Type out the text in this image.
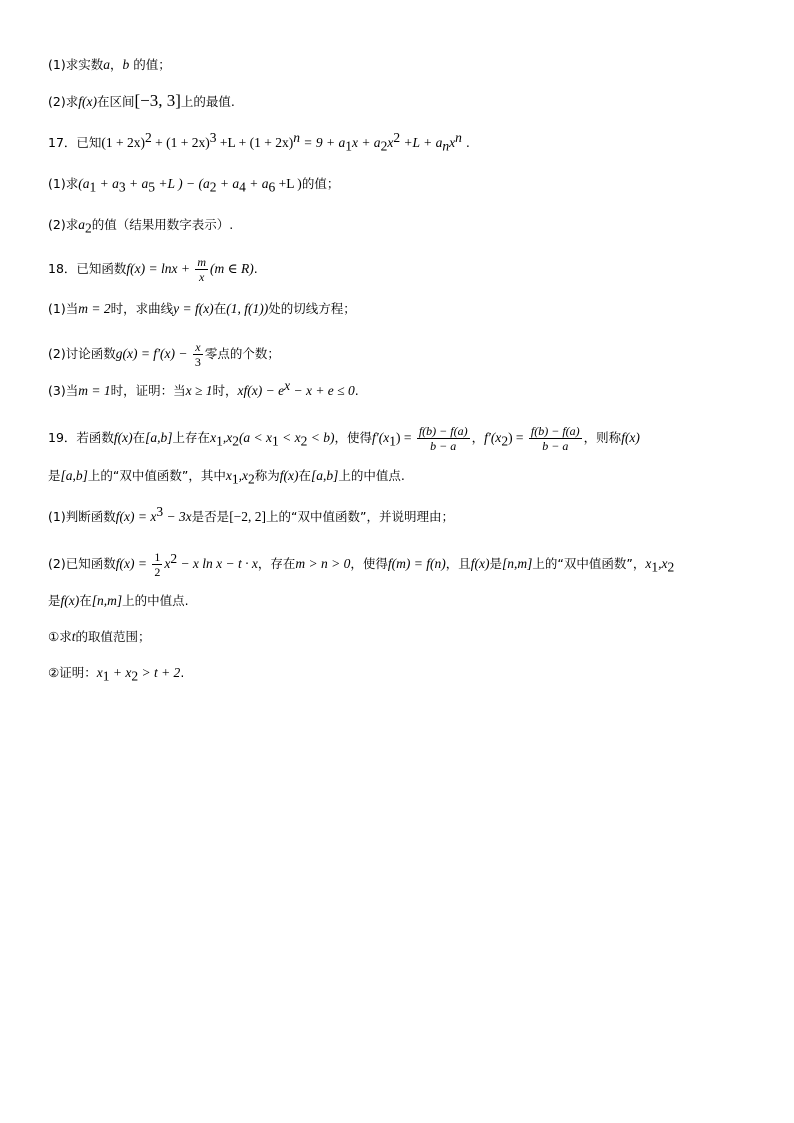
(1)求实数a，b 的值；
(2)求f(x)在区间[−3, 3]上的最值.
17．已知$(1 + 2x)^2 + (1 + 2x)^3 +L + (1 + 2x)^n = 9 + a_1x + a_2x^2 +L + a_nx^n$ .
(1)求($a_1 + a_3 + a_5 +L$ ) − ($a_2 + a_4 + a_6 +L$ )的值；
(2)求$a_2$的值（结果用数字表示）.
18．已知函数$f(x) = \ln x + \frac{m}{x} (m$ ∈ R).
(1)当m = 2时，求曲线y = f(x)在(1, f(1))处的切线方程；
(2)讨论函数$g(x) = f'(x) - \frac{x}{3}$ 零点的个数；
(3)当m = 1时，证明：当x ≥ 1时，$xf(x) - e^x - x + e \le 0$.
19．若函数f(x)在[a,b]上存在$x_1,x_2(a < x_1 < x_2 < b)$，使得$f'(x_1) = \frac{f(b) - f(a)}{b - a}$ ，$f'(x_2) = \frac{f(b) - f(a)}{b - a}$ ，则称f(x)
是[a,b]上的“双中值函数”，其中$x_1,x_2$称为f(x)在[a,b]上的中值点.
(1)判断函数$f(x) = x^3 - 3x$是否是[−2, 2]上的“双中值函数”，并说明理由；
(2)已知函数$f(x) = \frac{1}{2} x^2 - x$ ln x − t · x，存在m > n > 0，使得f(m) = f(n)，且f(x)是[n,m]上的“双中值函数”，$x_1,x_2$
是f(x)在[n,m]上的中值点.
①求t的取值范围；
②证明：$x_1 + x_2 > t + 2$.
